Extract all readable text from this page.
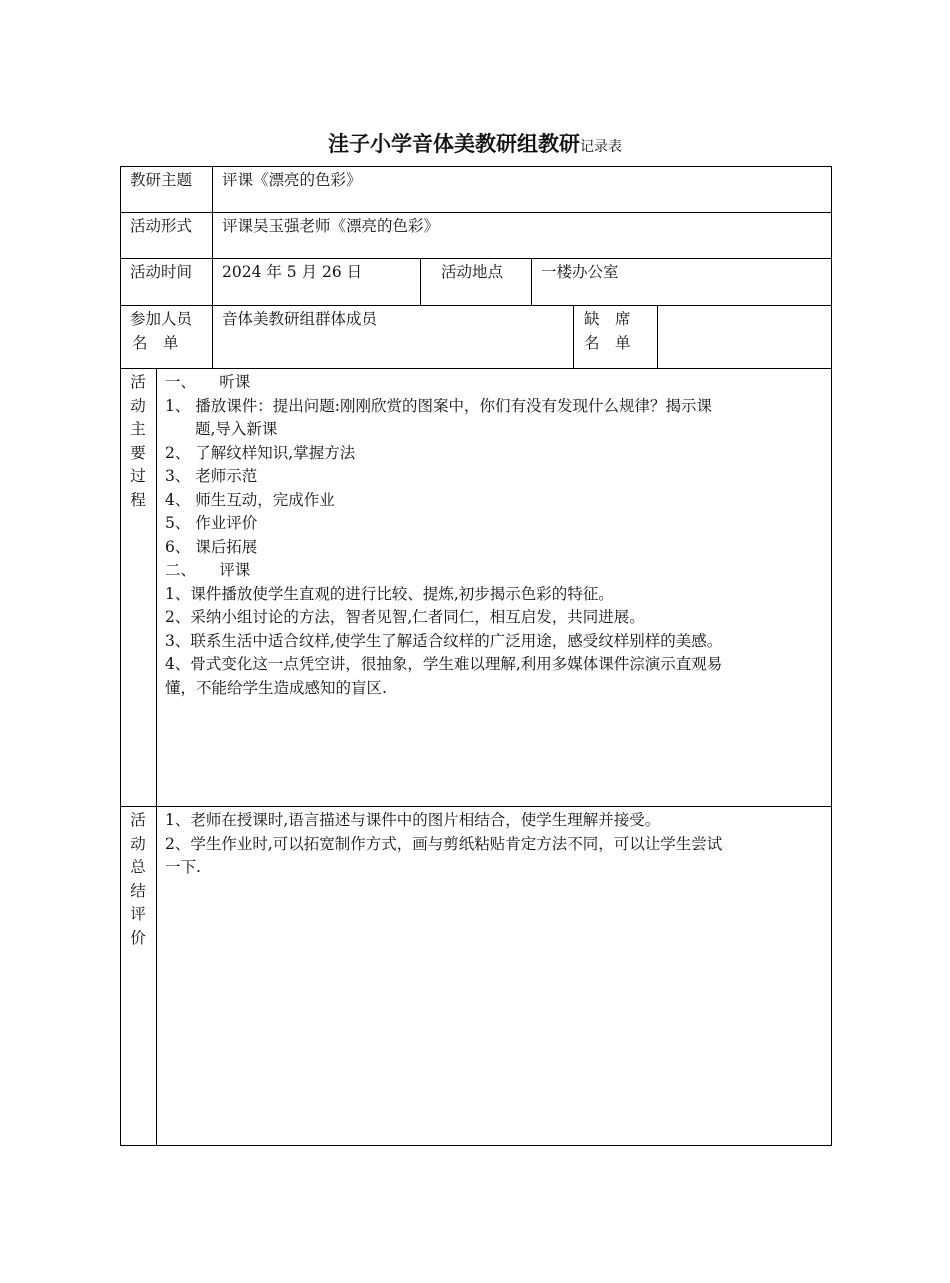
洼子小学音体美教研组教研记录表
教研主题 评课《漂亮的色彩》
活动形式 评课吴玉强老师《漂亮的色彩》
活动时间 2024 年 5 月 26 日	活动地点 一楼办公室
参加人员
名　单
音体美教研组群体成员	缺　席
名　单
活
动
主
要
过
程
一、　　听课
1、 播放课件：提出问题:刚刚欣赏的图案中，你们有没有发现什么规律？揭示课
题,导入新课
2、 了解纹样知识,掌握方法
3、 老师示范
4、 师生互动，完成作业
5、 作业评价
6、 课后拓展
二、　　评课
1、课件播放使学生直观的进行比较、提炼,初步揭示色彩的特征。
2、采纳小组讨论的方法，智者见智,仁者同仁，相互启发，共同进展。
3、联系生活中适合纹样,使学生了解适合纹样的广泛用途，感受纹样别样的美感。
4、骨式变化这一点凭空讲，很抽象，学生难以理解,利用多媒体课件淙演示直观易
懂，不能给学生造成感知的盲区.
活
动
总
结
评
价
1、老师在授课时,语言描述与课件中的图片相结合，使学生理解并接受。
2、学生作业时,可以拓宽制作方式，画与剪纸粘贴肯定方法不同，可以让学生尝试
一下.
